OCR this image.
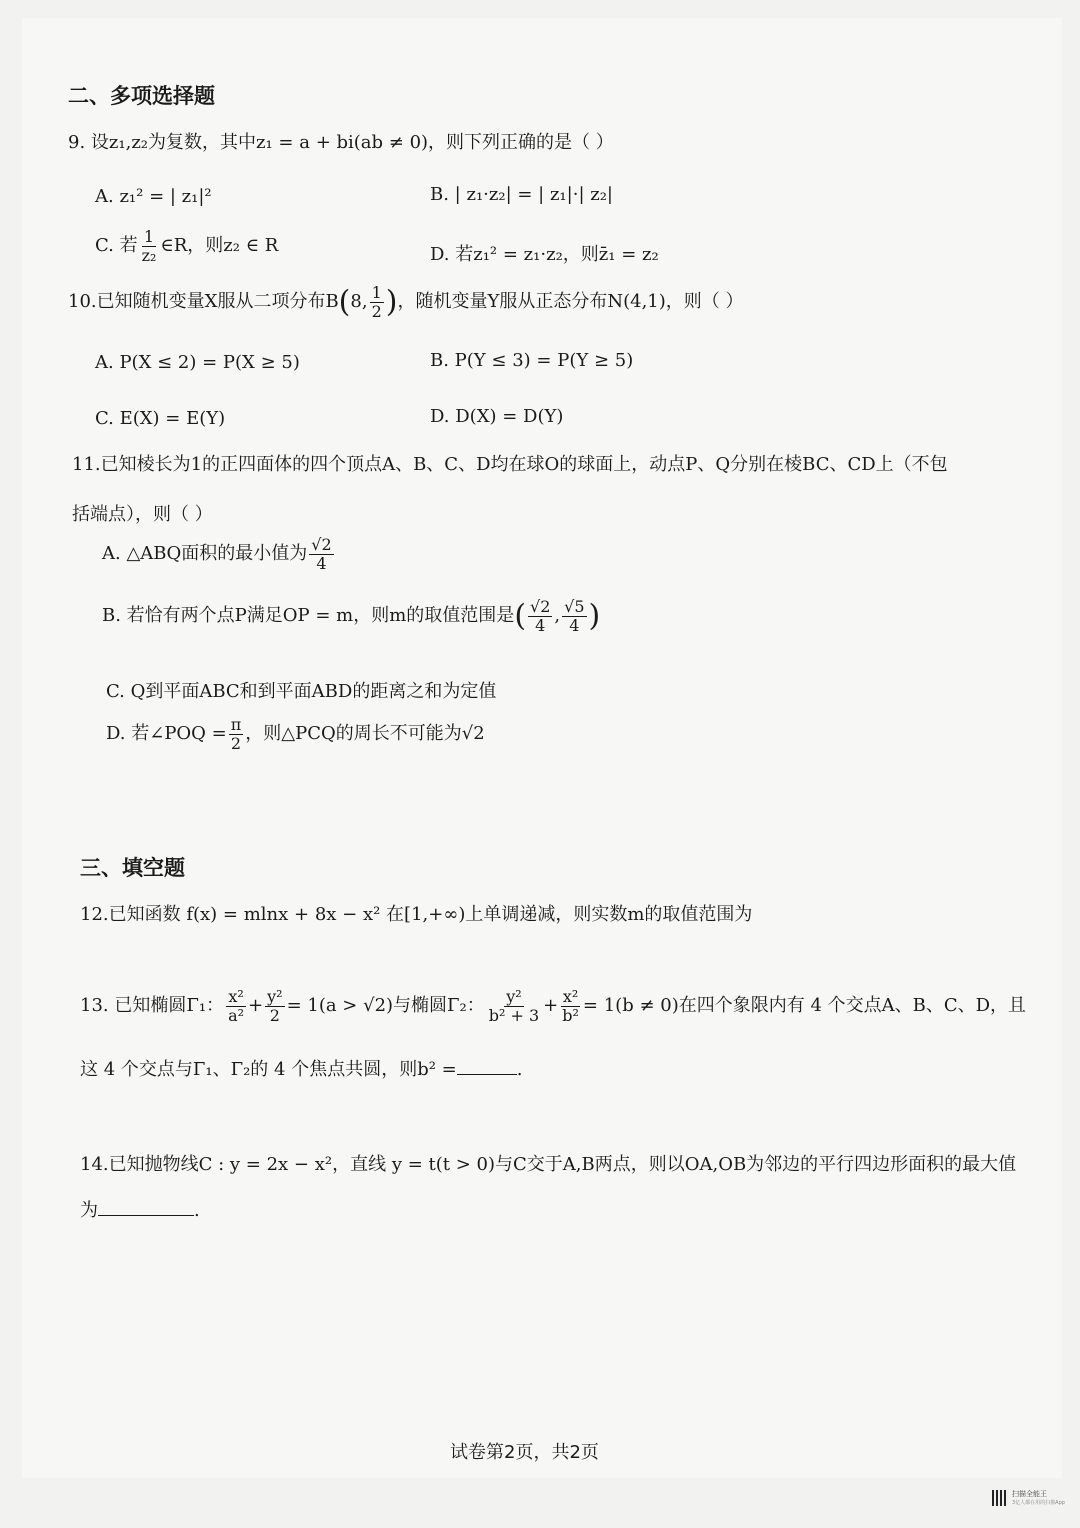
二、多项选择题
9. 设z₁,z₂为复数，其中z₁ = a + bi(ab ≠ 0)，则下列正确的是（ ）
A. z₁² = | z₁|²	B. | z₁·z₂| = | z₁|·| z₂|
C. 若 $\frac{1}{\text{z₂}}$ ∈R，则z₂ ∈ R	D. 若z₁² = z₁·z₂，则z̄₁ = z₂
10.已知随机变量X服从二项分布B(8, $\frac{1}{2}$ )，随机变量Y服从正态分布N(4,1)，则（ ）
A. P(X ≤ 2) = P(X ≥ 5)	B. P(Y ≤ 3) = P(Y ≥ 5)
C. E(X) = E(Y)	D. D(X) = D(Y)
11.已知棱长为1的正四面体的四个顶点A、B、C、D均在球O的球面上，动点P、Q分别在棱BC、CD上（不包
括端点），则（ ）
A. △ABQ面积的最小值为 $\frac{√2}{4}$
B. 若恰有两个点P满足OP = m，则m的取值范围是( $\frac{√2}{4}$ , $\frac{√5}{4}$ )
C. Q到平面ABC和到平面ABD的距离之和为定值
D. 若∠POQ = $\frac{\pi}{2}$ ，则△PCQ的周长不可能为√2
三、填空题
12.已知函数 f(x) = mlnx + 8x − x² 在[1,+∞)上单调递减，则实数m的取值范围为
13. 已知椭圆Γ₁： $\frac{\text{x²}}{\text{a²}} + \frac{\text{y²}}{2} = 1(a > √2)$与椭圆Γ₂： $\frac{\text{y²}}{\text{b² + 3}} + \frac{\text{x²}}{\text{b²}} = 1(b \ne 0)$在四个象限内有 4 个交点A、B、C、D，且
这 4 个交点与Γ₁、Γ₂的 4 个焦点共圆，则b² =	.
14.已知抛物线C : y = 2x − x²，直线 y = t(t > 0)与C交于A,B两点，则以OA,OB为邻边的平行四边形面积的最大值
为	.
试卷第2页，共2页
扫描全能王
3亿人都在用的扫描App
